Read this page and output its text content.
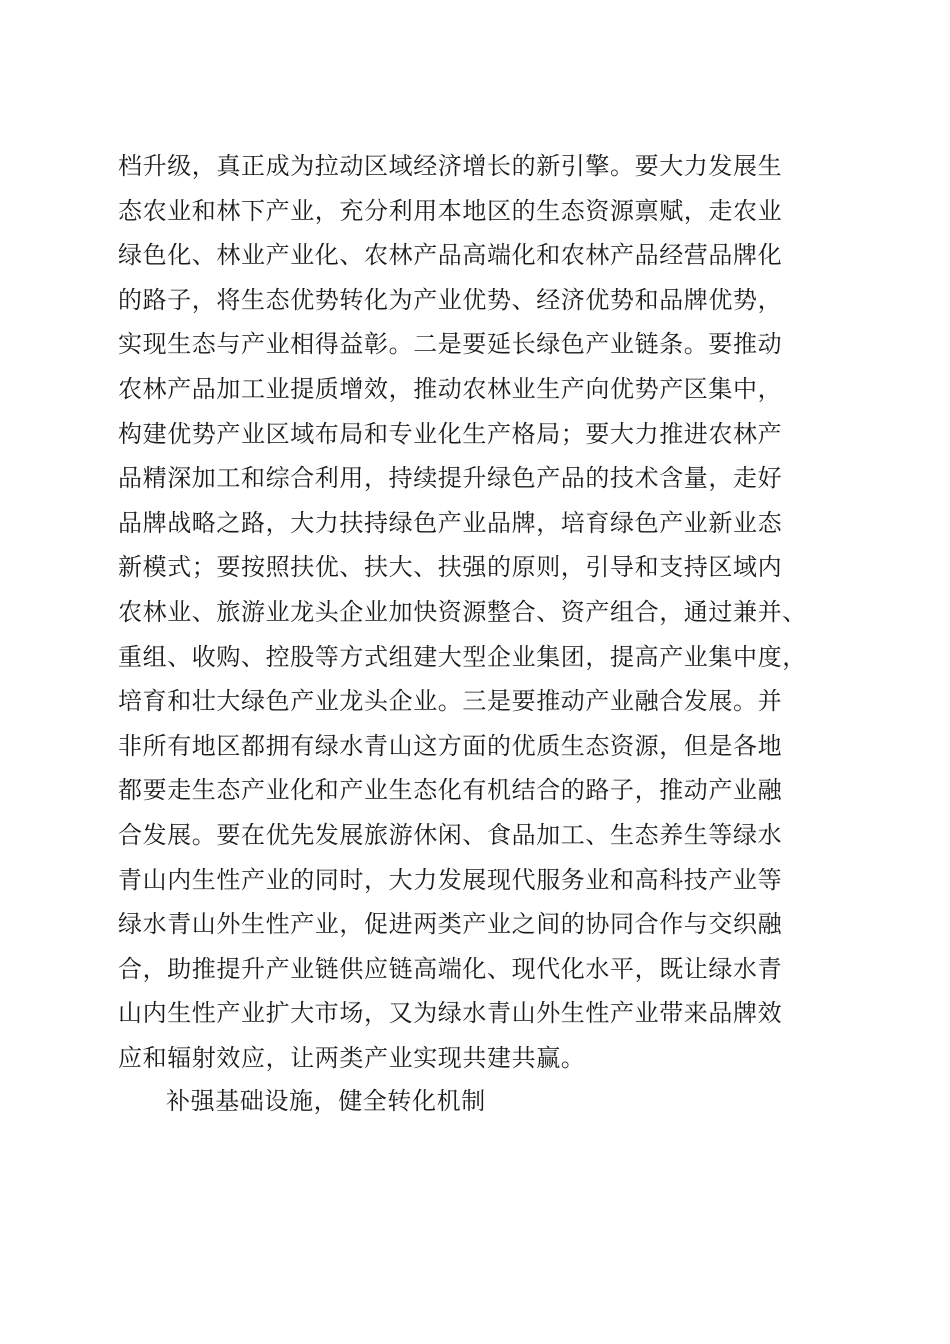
档升级，真正成为拉动区域经济增长的新引擎。要大力发展生
态农业和林下产业，充分利用本地区的生态资源禀赋，走农业
绿色化、林业产业化、农林产品高端化和农林产品经营品牌化
的路子，将生态优势转化为产业优势、经济优势和品牌优势，
实现生态与产业相得益彰。二是要延长绿色产业链条。要推动
农林产品加工业提质增效，推动农林业生产向优势产区集中，
构建优势产业区域布局和专业化生产格局；要大力推进农林产
品精深加工和综合利用，持续提升绿色产品的技术含量，走好
品牌战略之路，大力扶持绿色产业品牌，培育绿色产业新业态
新模式；要按照扶优、扶大、扶强的原则，引导和支持区域内
农林业、旅游业龙头企业加快资源整合、资产组合，通过兼并、
重组、收购、控股等方式组建大型企业集团，提高产业集中度，
培育和壮大绿色产业龙头企业。三是要推动产业融合发展。并
非所有地区都拥有绿水青山这方面的优质生态资源，但是各地
都要走生态产业化和产业生态化有机结合的路子，推动产业融
合发展。要在优先发展旅游休闲、食品加工、生态养生等绿水
青山内生性产业的同时，大力发展现代服务业和高科技产业等
绿水青山外生性产业，促进两类产业之间的协同合作与交织融
合，助推提升产业链供应链高端化、现代化水平，既让绿水青
山内生性产业扩大市场，又为绿水青山外生性产业带来品牌效
应和辐射效应，让两类产业实现共建共赢。
补强基础设施，健全转化机制
